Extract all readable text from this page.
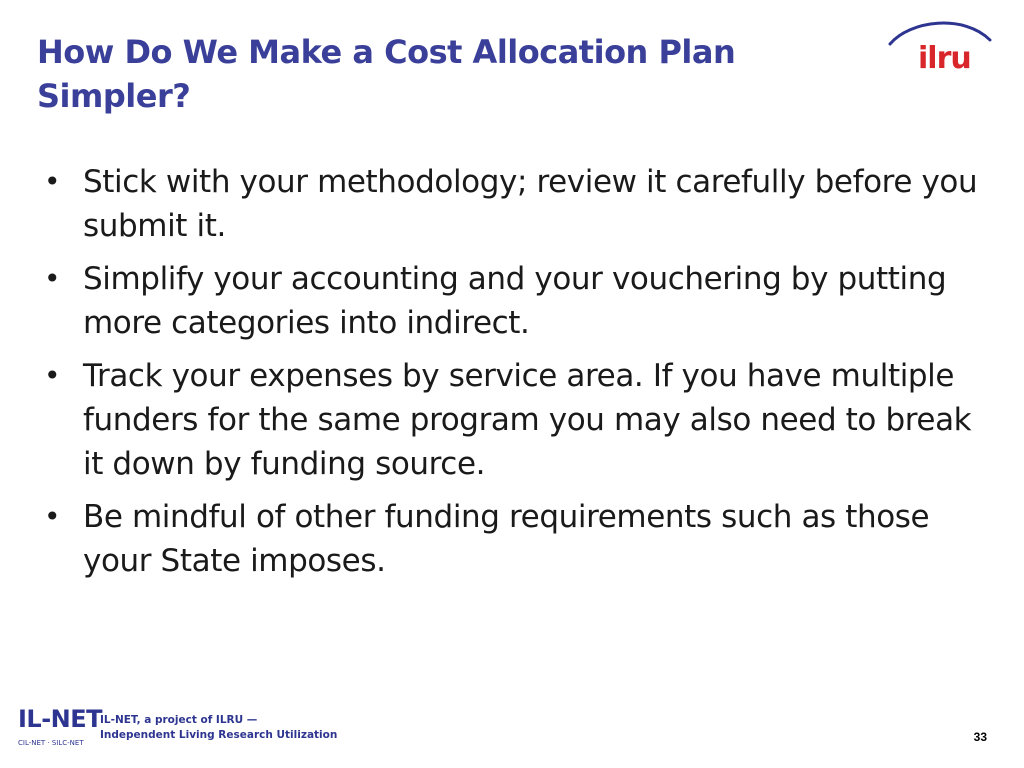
How Do We Make a Cost Allocation Plan Simpler?
ilru
• Stick with your methodology; review it carefully before you submit it.
• Simplify your accounting and your vouchering by putting more categories into indirect.
• Track your expenses by service area. If you have multiple funders for the same program you may also need to break it down by funding source.
• Be mindful of other funding requirements such as those your State imposes.
IL-NET
CIL-NET · SILC-NET
IL-NET, a project of ILRU —
Independent Living Research Utilization	33
